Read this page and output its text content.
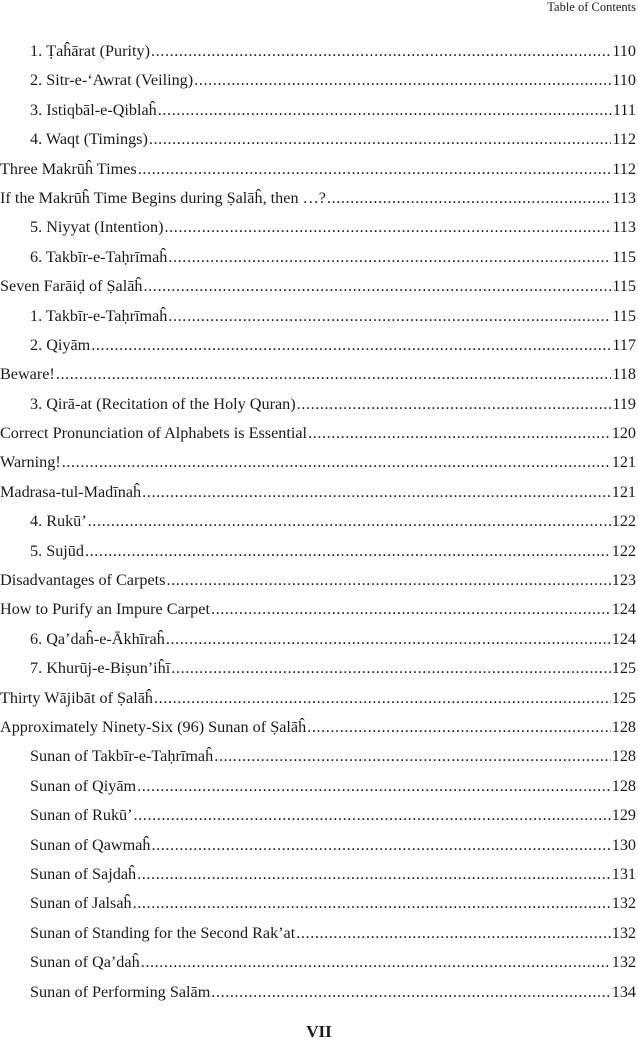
Table of Contents
1. Ṭaĥārat (Purity) .....	110
2. Sitr-e-‘Awrat (Veiling) .....	110
3. Istiqbāl-e-Qiblaĥ .....	111
4. Waqt (Timings) .....	112
Three Makrūĥ Times .....	112
If the Makrūĥ Time Begins during Ṣalāĥ, then …? .....	113
5. Niyyat (Intention) .....	113
6. Takbīr-e-Taḥrīmaĥ .....	115
Seven Farāiḍ of Ṣalāĥ .....	115
1. Takbīr-e-Taḥrīmaĥ .....	115
2. Qiyām .....	117
Beware! .....	118
3. Qirā-at (Recitation of the Holy Quran) .....	119
Correct Pronunciation of Alphabets is Essential .....	120
Warning! .....	121
Madrasa-tul-Madīnaĥ .....	121
4. Rukū’ .....	122
5. Sujūd .....	122
Disadvantages of Carpets .....	123
How to Purify an Impure Carpet .....	124
6. Qa’daĥ-e-Ākhīraĥ .....	124
7. Khurūj-e-Biṣun’iĥī .....	125
Thirty Wājibāt of Ṣalāĥ .....	125
Approximately Ninety-Six (96) Sunan of Ṣalāĥ .....	128
Sunan of Takbīr-e-Taḥrīmaĥ .....	128
Sunan of Qiyām .....	128
Sunan of Rukū’ .....	129
Sunan of Qawmaĥ .....	130
Sunan of Sajdaĥ .....	131
Sunan of Jalsaĥ .....	132
Sunan of Standing for the Second Rak’at .....	132
Sunan of Qa’daĥ .....	132
Sunan of Performing Salām .....	134
VII
